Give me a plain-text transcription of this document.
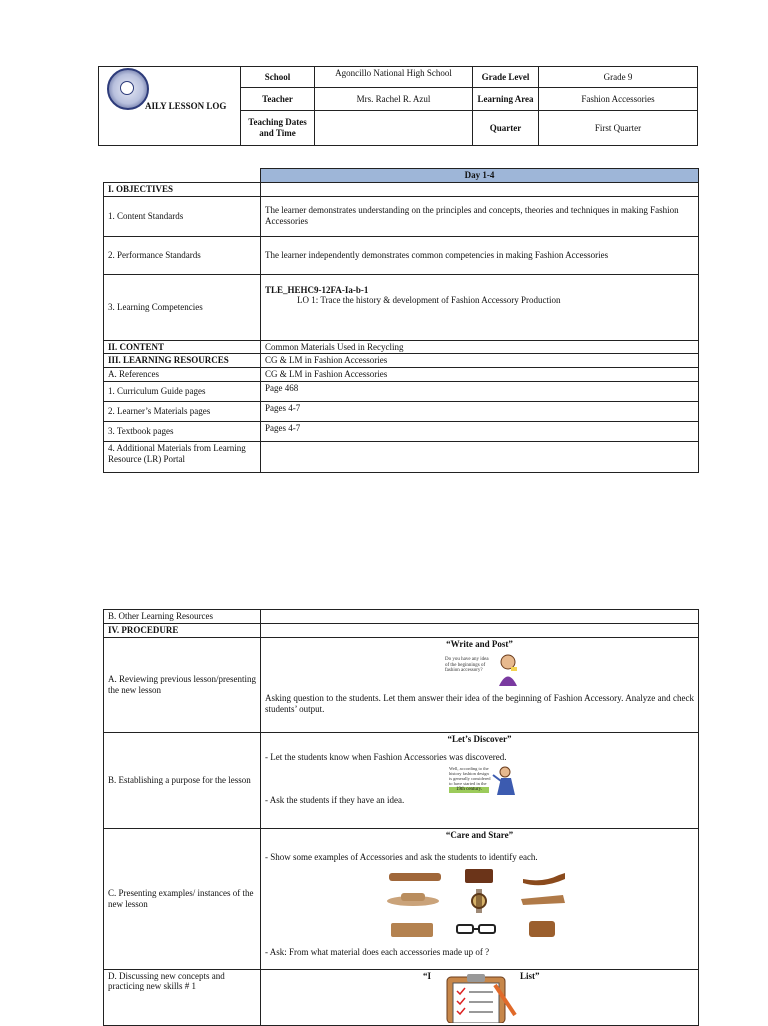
AILY LESSON LOG	School	Agoncillo National High School	Grade Level	Grade 9
	Teacher	Mrs. Rachel R. Azul	Learning Area	Fashion Accessories
	Teaching Dates and Time		Quarter	First Quarter
	Day 1-4
I. OBJECTIVES	
1. Content Standards	The learner demonstrates understanding on the principles and concepts, theories and techniques in making Fashion Accessories
2. Performance Standards	The learner independently demonstrates common competencies in making Fashion Accessories
3. Learning Competencies	TLE_HEHC9-12FA-Ia-b-1
LO 1: Trace the history & development of Fashion Accessory Production

II. CONTENT	Common Materials Used in Recycling
III. LEARNING RESOURCES	CG & LM in Fashion Accessories
A. References	CG & LM in Fashion Accessories
1. Curriculum Guide pages	Page 468
2. Learner’s Materials pages	Pages 4-7
3. Textbook pages	Pages 4-7
4. Additional Materials from Learning Resource (LR) Portal	
B. Other Learning Resources	
IV. PROCEDURE	
A. Reviewing previous lesson/presenting the new lesson	“Write and Post”
Do you have any idea of the beginnings of fashion accessory?
Asking question to the students. Let them answer their idea of the beginning of Fashion Accessory. Analyze and check students’ output.

B. Establishing a purpose for the lesson	“Let’s Discover”
- Let the students know when Fashion Accessories was discovered.
Well, according to the history fashion design is generally considered to have started in the
19th century.
- Ask the students if they have an idea.

C. Presenting examples/ instances of the new lesson	“Care and Stare”
- Show some examples of Accessories and ask the students to identify each.
- Ask: From what material does each accessories made up of ?

D. Discussing new concepts and practicing new skills # 1	“I List”
